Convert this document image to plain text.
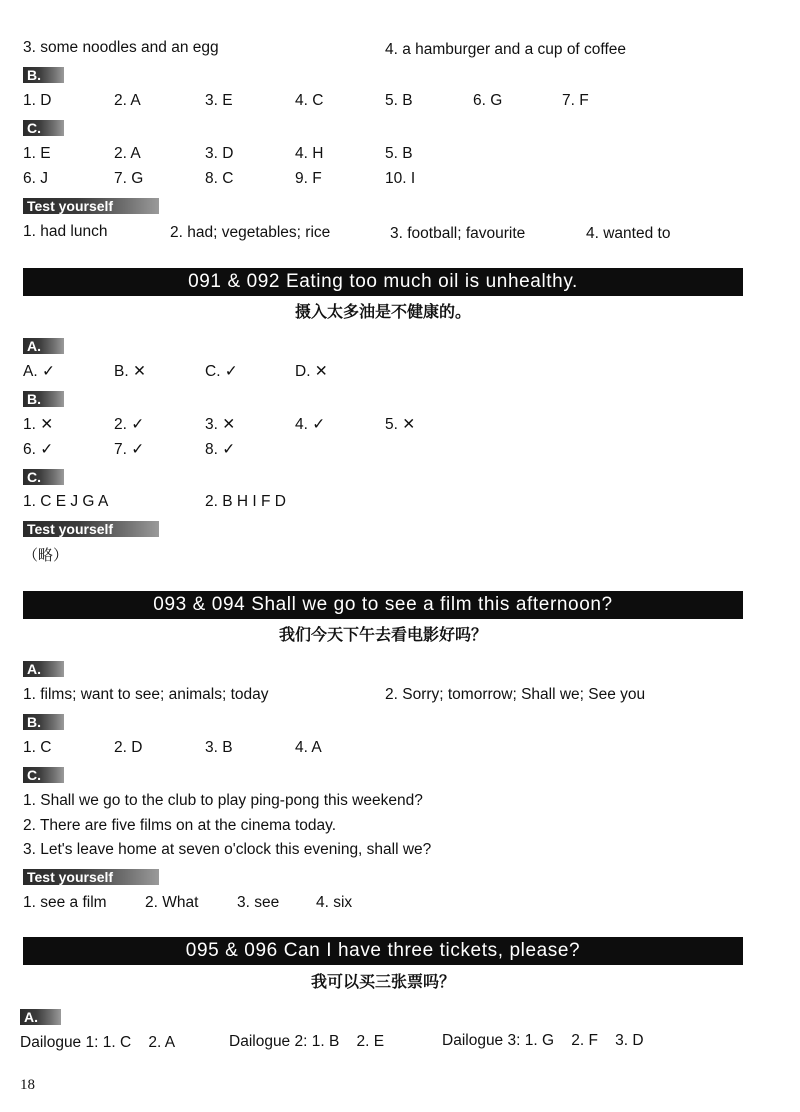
3. some noodles and an egg	4. a hamburger and a cup of coffee
B.
1. D	2. A	3. E	4. C	5. B	6. G	7. F
C.
1. E	2. A	3. D	4. H	5. B
6. J	7. G	8. C	9. F	10. I
Test yourself
1. had lunch	2. had; vegetables; rice	3. football; favourite	4. wanted to
091 & 092 Eating too much oil is unhealthy.
摄入太多油是不健康的。
A.
A. ✓	B. ✕	C. ✓	D. ✕
B.
1. ✕	2. ✓	3. ✕	4. ✓	5. ✕
6. ✓	7. ✓	8. ✓
C.
1. C E J G A	2. B H I F D
Test yourself
（略）
093 & 094 Shall we go to see a film this afternoon?
我们今天下午去看电影好吗？
A.
1. films; want to see; animals; today	2. Sorry; tomorrow; Shall we; See you
B.
1. C	2. D	3. B	4. A
C.
1. Shall we go to the club to play ping-pong this weekend?
2. There are five films on at the cinema today.
3. Let's leave home at seven o'clock this evening, shall we?
Test yourself
1. see a film 2. What 3. see 4. six
095 & 096 Can I have three tickets, please?
我可以买三张票吗？
A.
Dailogue 1: 1. C    2. A	Dailogue 2: 1. B    2. E	Dailogue 3: 1. G    2. F    3. D
18
